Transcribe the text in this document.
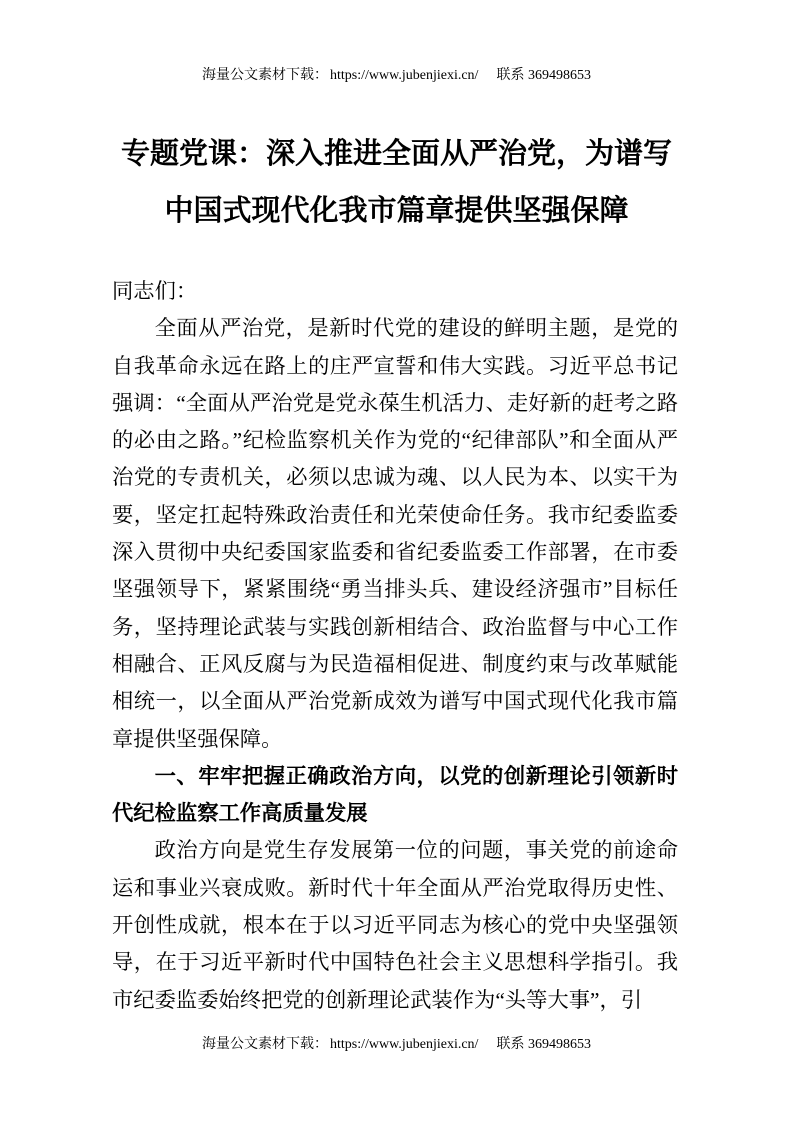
海量公文素材下载： https://www.jubenjiexi.cn/ 联系 369498653
专题党课：深入推进全面从严治党，为谱写中国式现代化我市篇章提供坚强保障

同志们：

全面从严治党，是新时代党的建设的鲜明主题，是党的自我革命永远在路上的庄严宣誓和伟大实践。习近平总书记强调：“全面从严治党是党永葆生机活力、走好新的赶考之路的必由之路。”纪检监察机关作为党的“纪律部队”和全面从严治党的专责机关，必须以忠诚为魂、以人民为本、以实干为要，坚定扛起特殊政治责任和光荣使命任务。我市纪委监委深入贯彻中央纪委国家监委和省纪委监委工作部署，在市委坚强领导下，紧紧围绕“勇当排头兵、建设经济强市”目标任务，坚持理论武装与实践创新相结合、政治监督与中心工作相融合、正风反腐与为民造福相促进、制度约束与改革赋能相统一，以全面从严治党新成效为谱写中国式现代化我市篇章提供坚强保障。

一、牢牢把握正确政治方向，以党的创新理论引领新时代纪检监察工作高质量发展

政治方向是党生存发展第一位的问题，事关党的前途命运和事业兴衰成败。新时代十年全面从严治党取得历史性、开创性成就，根本在于以习近平同志为核心的党中央坚强领导，在于习近平新时代中国特色社会主义思想科学指引。我市纪委监委始终把党的创新理论武装作为“头等大事”，引

海量公文素材下载： https://www.jubenjiexi.cn/ 联系 369498653
